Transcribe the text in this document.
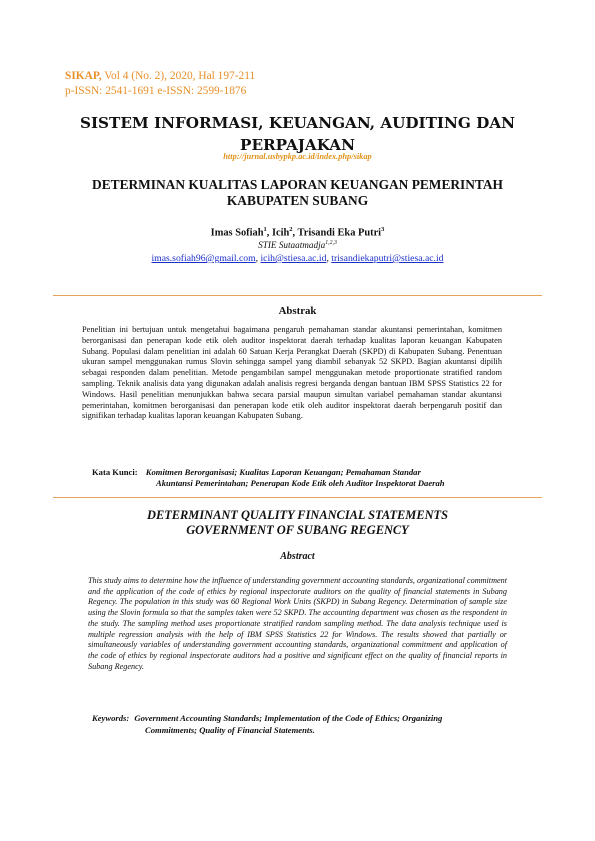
SIKAP, Vol 4 (No. 2), 2020, Hal 197-211
p-ISSN: 2541-1691 e-ISSN: 2599-1876
SISTEM INFORMASI, KEUANGAN, AUDITING DAN
PERPAJAKAN
http://jurnal.usbypkp.ac.id/index.php/sikap
DETERMINAN KUALITAS LAPORAN KEUANGAN PEMERINTAH
KABUPATEN SUBANG
Imas Sofiah$^1$, Icih$^2$, Trisandi Eka Putri$^3$
STIE Sutaatmadja$^{1,2,3}$
imas.sofiah96@gmail.com, icih@stiesa.ac.id, trisandiekaputri@stiesa.ac.id
Abstrak
Penelitian ini bertujuan untuk mengetahui bagaimana pengaruh pemahaman standar akuntansi pemerintahan, komitmen berorganisasi dan penerapan kode etik oleh auditor inspektorat daerah terhadap kualitas laporan keuangan Kabupaten Subang. Populasi dalam penelitian ini adalah 60 Satuan Kerja Perangkat Daerah (SKPD) di Kabupaten Subang. Penentuan ukuran sampel menggunakan rumus Slovin sehingga sampel yang diambil sebanyak 52 SKPD. Bagian akuntansi dipilih sebagai responden dalam penelitian. Metode pengambilan sampel menggunakan metode proportionate stratified random sampling. Teknik analisis data yang digunakan adalah analisis regresi berganda dengan bantuan IBM SPSS Statistics 22 for Windows. Hasil penelitian menunjukkan bahwa secara parsial maupun simultan variabel pemahaman standar akuntansi pemerintahan, komitmen berorganisasi dan penerapan kode etik oleh auditor inspektorat daerah berpengaruh positif dan signifikan terhadap kualitas laporan keuangan Kabupaten Subang.
Kata Kunci: Komitmen Berorganisasi; Kualitas Laporan Keuangan; Pemahaman Standar
Akuntansi Pemerintahan; Penerapan Kode Etik oleh Auditor Inspektorat Daerah
DETERMINANT QUALITY FINANCIAL STATEMENTS
GOVERNMENT OF SUBANG REGENCY
Abstract
This study aims to determine how the influence of understanding government accounting standards, organizational commitment and the application of the code of ethics by regional inspectorate auditors on the quality of financial statements in Subang Regency. The population in this study was 60 Regional Work Units (SKPD) in Subang Regency. Determination of sample size using the Slovin formula so that the samples taken were 52 SKPD. The accounting department was chosen as the respondent in the study. The sampling method uses proportionate stratified random sampling method. The data analysis technique used is multiple regression analysis with the help of IBM SPSS Statistics 22 for Windows. The results showed that partially or simultaneously variables of understanding government accounting standards, organizational commitment and application of the code of ethics by regional inspectorate auditors had a positive and significant effect on the quality of financial reports in Subang Regency.
Keywords: Government Accounting Standards; Implementation of the Code of Ethics; Organizing
Commitments; Quality of Financial Statements.
